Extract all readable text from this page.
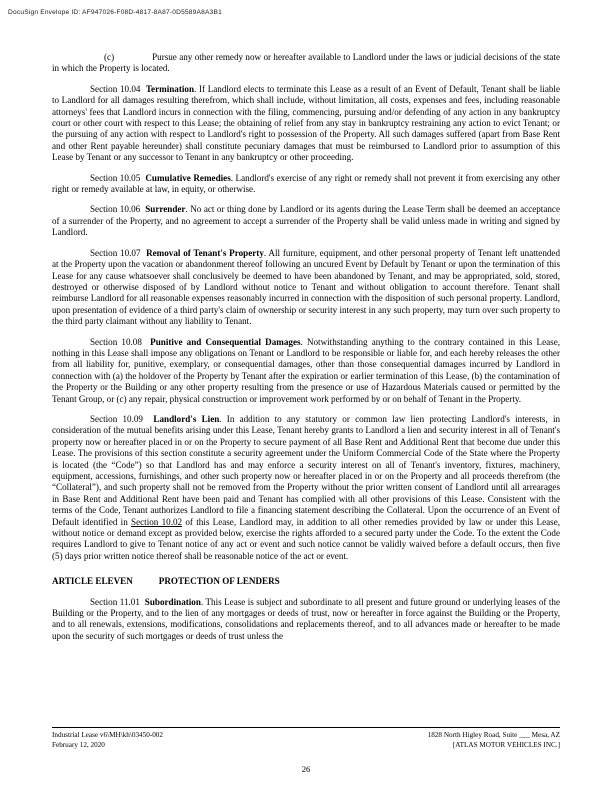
DocuSign Envelope ID: AF947026-F08D-4817-8A87-0D5589A8A3B1

(c)	Pursue any other remedy now or hereafter available to Landlord under the laws or judicial decisions of the state in which the Property is located.

Section 10.04 Termination. If Landlord elects to terminate this Lease as a result of an Event of Default, Tenant shall be liable to Landlord for all damages resulting therefrom, which shall include, without limitation, all costs, expenses and fees, including reasonable attorneys' fees that Landlord incurs in connection with the filing, commencing, pursuing and/or defending of any action in any bankruptcy court or other court with respect to this Lease; the obtaining of relief from any stay in bankruptcy restraining any action to evict Tenant; or the pursuing of any action with respect to Landlord's right to possession of the Property. All such damages suffered (apart from Base Rent and other Rent payable hereunder) shall constitute pecuniary damages that must be reimbursed to Landlord prior to assumption of this Lease by Tenant or any successor to Tenant in any bankruptcy or other proceeding.

Section 10.05 Cumulative Remedies. Landlord's exercise of any right or remedy shall not prevent it from exercising any other right or remedy available at law, in equity, or otherwise.

Section 10.06 Surrender. No act or thing done by Landlord or its agents during the Lease Term shall be deemed an acceptance of a surrender of the Property, and no agreement to accept a surrender of the Property shall be valid unless made in writing and signed by Landlord.

Section 10.07 Removal of Tenant's Property. All furniture, equipment, and other personal property of Tenant left unattended at the Property upon the vacation or abandonment thereof following an uncured Event by Default by Tenant or upon the termination of this Lease for any cause whatsoever shall conclusively be deemed to have been abandoned by Tenant, and may be appropriated, sold, stored, destroyed or otherwise disposed of by Landlord without notice to Tenant and without obligation to account therefore. Tenant shall reimburse Landlord for all reasonable expenses reasonably incurred in connection with the disposition of such personal property. Landlord, upon presentation of evidence of a third party's claim of ownership or security interest in any such property, may turn over such property to the third party claimant without any liability to Tenant.

Section 10.08 Punitive and Consequential Damages. Notwithstanding anything to the contrary contained in this Lease, nothing in this Lease shall impose any obligations on Tenant or Landlord to be responsible or liable for, and each hereby releases the other from all liability for, punitive, exemplary, or consequential damages, other than those consequential damages incurred by Landlord in connection with (a) the holdover of the Property by Tenant after the expiration or earlier termination of this Lease, (b) the contamination of the Property or the Building or any other property resulting from the presence or use of Hazardous Materials caused or permitted by the Tenant Group, or (c) any repair, physical construction or improvement work performed by or on behalf of Tenant in the Property.

Section 10.09 Landlord's Lien. In addition to any statutory or common law lien protecting Landlord's interests, in consideration of the mutual benefits arising under this Lease, Tenant hereby grants to Landlord a lien and security interest in all of Tenant's property now or hereafter placed in or on the Property to secure payment of all Base Rent and Additional Rent that become due under this Lease. The provisions of this section constitute a security agreement under the Uniform Commercial Code of the State where the Property is located (the “Code”) so that Landlord has and may enforce a security interest on all of Tenant's inventory, fixtures, machinery, equipment, accessions, furnishings, and other such property now or hereafter placed in or on the Property and all proceeds therefrom (the “Collateral”), and such property shall not be removed from the Property without the prior written consent of Landlord until all arrearages in Base Rent and Additional Rent have been paid and Tenant has complied with all other provisions of this Lease. Consistent with the terms of the Code, Tenant authorizes Landlord to file a financing statement describing the Collateral. Upon the occurrence of an Event of Default identified in Section 10.02 of this Lease, Landlord may, in addition to all other remedies provided by law or under this Lease, without notice or demand except as provided below, exercise the rights afforded to a secured party under the Code. To the extent the Code requires Landlord to give to Tenant notice of any act or event and such notice cannot be validly waived before a default occurs, then five (5) days prior written notice thereof shall be reasonable notice of the act or event.

ARTICLE ELEVEN	PROTECTION OF LENDERS

Section 11.01 Subordination. This Lease is subject and subordinate to all present and future ground or underlying leases of the Building or the Property, and to the lien of any mortgages or deeds of trust, now or hereafter in force against the Building or the Property, and to all renewals, extensions, modifications, consolidations and replacements thereof, and to all advances made or hereafter to be made upon the security of such mortgages or deeds of trust unless the

Industrial Lease v6\MH\kh\03450-002
February 12, 2020
1828 North Higley Road, Suite ___ Mesa, AZ
[ATLAS MOTOR VEHICLES INC.]
26
